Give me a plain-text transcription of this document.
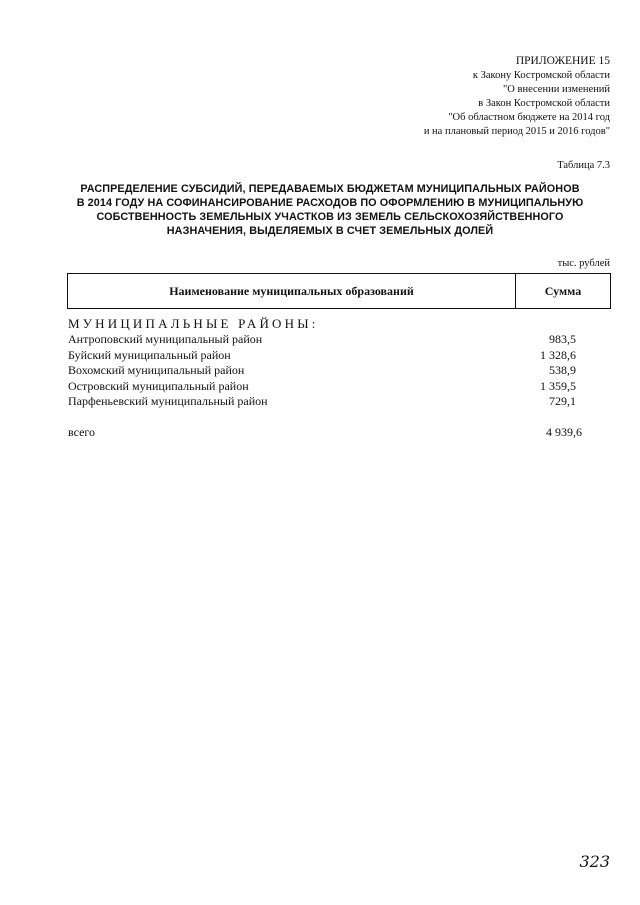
ПРИЛОЖЕНИЕ 15
к Закону Костромской области
"О внесении изменений
в Закон Костромской области
"Об областном бюджете на 2014 год
и на плановый период 2015 и 2016 годов"
Таблица 7.3
РАСПРЕДЕЛЕНИЕ СУБСИДИЙ, ПЕРЕДАВАЕМЫХ БЮДЖЕТАМ МУНИЦИПАЛЬНЫХ РАЙОНОВ
В 2014 ГОДУ НА СОФИНАНСИРОВАНИЕ РАСХОДОВ ПО ОФОРМЛЕНИЮ В МУНИЦИПАЛЬНУЮ
СОБСТВЕННОСТЬ ЗЕМЕЛЬНЫХ УЧАСТКОВ ИЗ ЗЕМЕЛЬ СЕЛЬСКОХОЗЯЙСТВЕННОГО
НАЗНАЧЕНИЯ, ВЫДЕЛЯЕМЫХ В СЧЕТ ЗЕМЕЛЬНЫХ ДОЛЕЙ
тыс. рублей
Наименование муниципальных образований	Сумма
МУНИЦИПАЛЬНЫЕ РАЙОНЫ:
Антроповский муниципальный район	983,5
Буйский муниципальный район	1 328,6
Вохомский муниципальный район	538,9
Островский муниципальный район	1 359,5
Парфеньевский муниципальный район	729,1
всего	4 939,6
323
